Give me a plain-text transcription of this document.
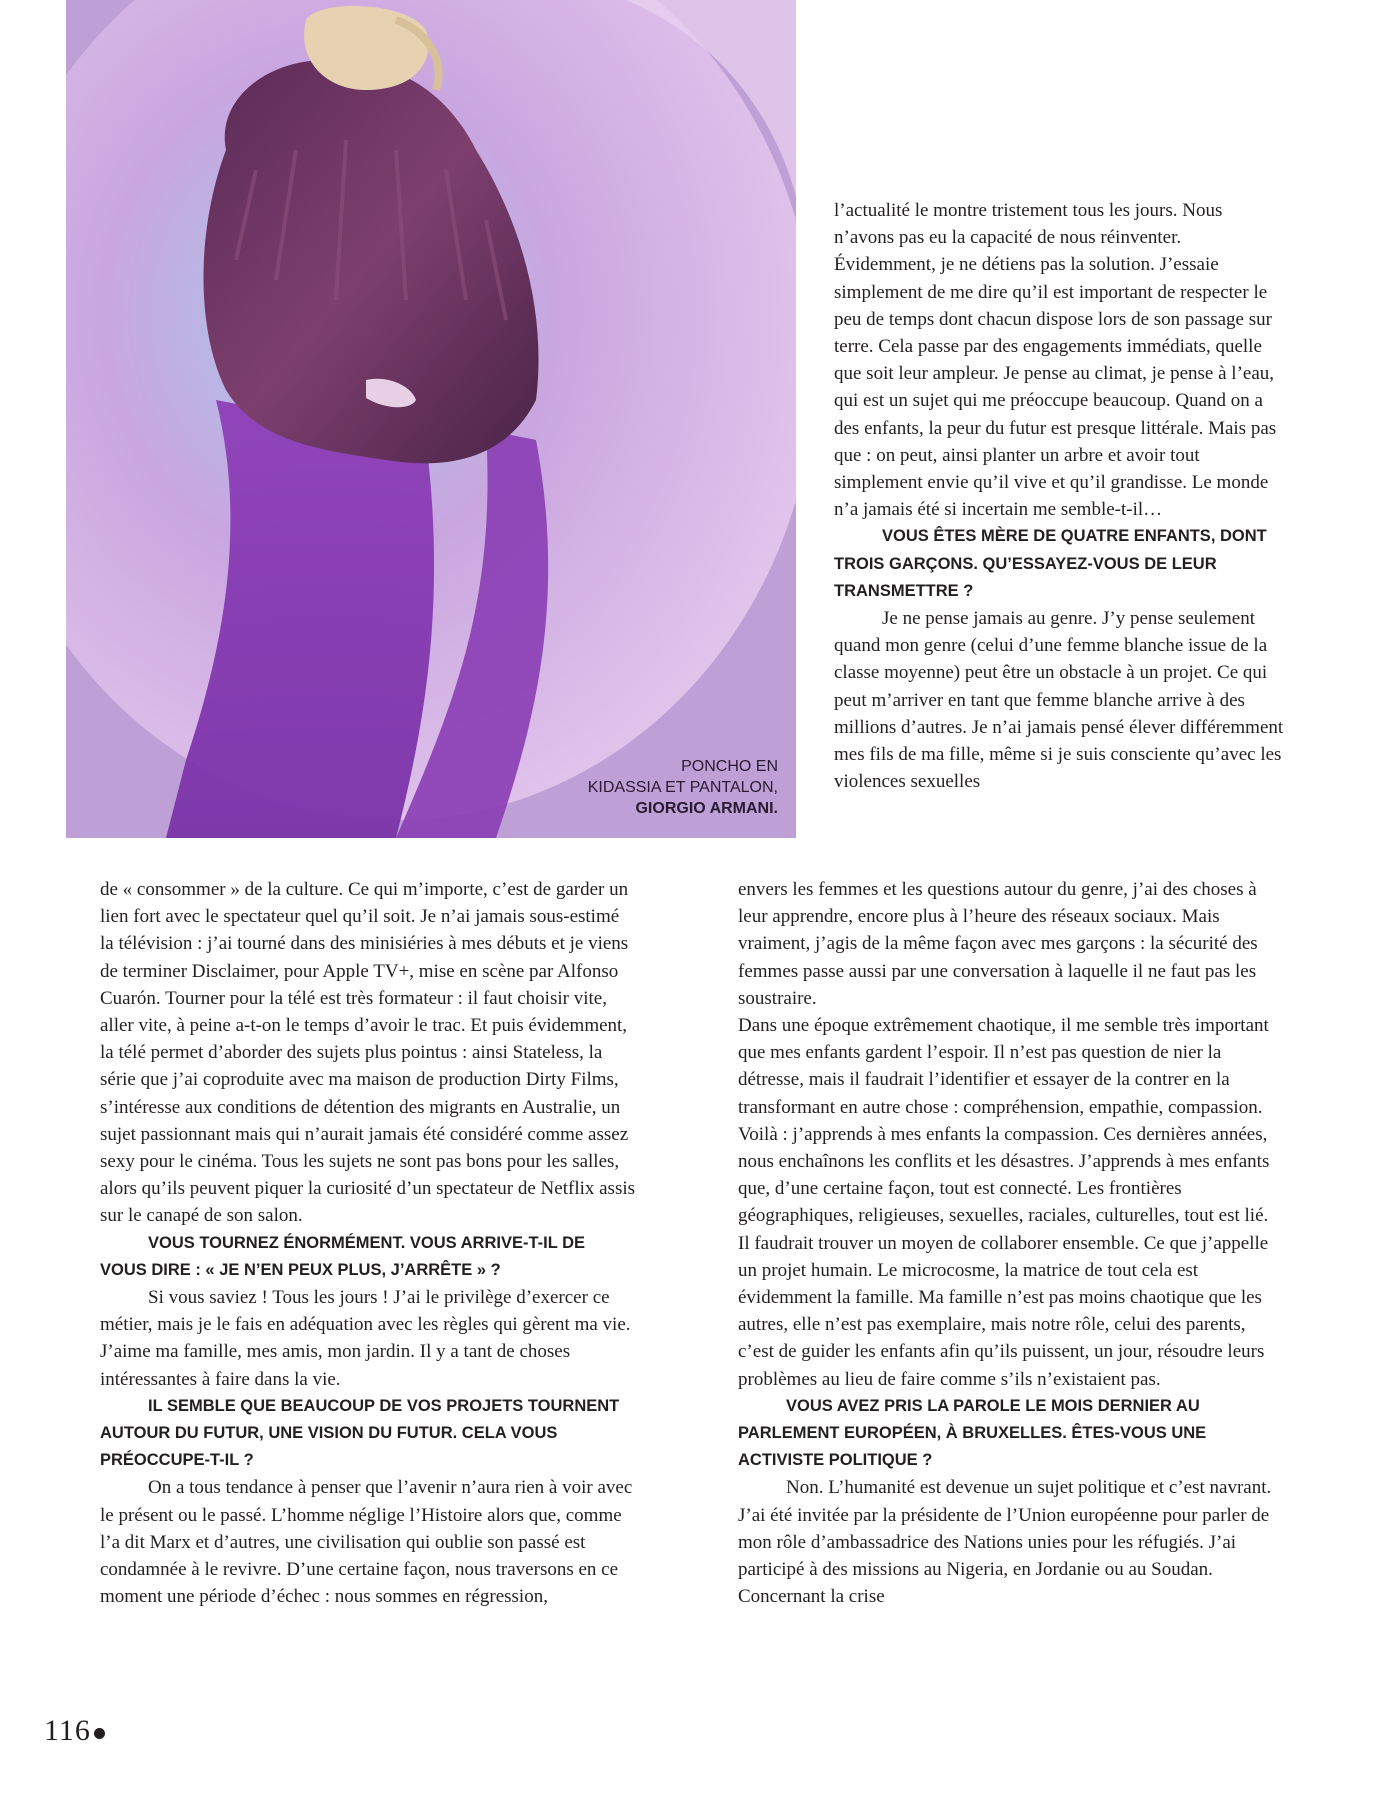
PONCHO EN
KIDASSIA ET PANTALON,
GIORGIO ARMANI.

l’actualité le montre tristement tous les jours. Nous n’avons pas eu la capacité de nous réinventer. Évidemment, je ne détiens pas la solution. J’essaie simplement de me dire qu’il est important de respecter le peu de temps dont chacun dispose lors de son passage sur terre. Cela passe par des engagements immédiats, quelle que soit leur ampleur. Je pense au climat, je pense à l’eau, qui est un sujet qui me préoccupe beaucoup. Quand on a des enfants, la peur du futur est presque littérale. Mais pas que : on peut, ainsi planter un arbre et avoir tout simplement envie qu’il vive et qu’il grandisse. Le monde n’a jamais été si incertain me semble-t-il…

VOUS ÊTES MÈRE DE QUATRE ENFANTS, DONT TROIS GARÇONS. QU’ESSAYEZ-VOUS DE LEUR TRANSMETTRE ?

Je ne pense jamais au genre. J’y pense seulement quand mon genre (celui d’une femme blanche issue de la classe moyenne) peut être un obstacle à un projet. Ce qui peut m’arriver en tant que femme blanche arrive à des millions d’autres. Je n’ai jamais pensé élever différemment mes fils de ma fille, même si je suis consciente qu’avec les violences sexuelles

de « consommer » de la culture. Ce qui m’importe, c’est de garder un lien fort avec le spectateur quel qu’il soit. Je n’ai jamais sous-estimé la télévision : j’ai tourné dans des minisiéries à mes débuts et je viens de terminer Disclaimer, pour Apple TV+, mise en scène par Alfonso Cuarón. Tourner pour la télé est très formateur : il faut choisir vite, aller vite, à peine a-t-on le temps d’avoir le trac. Et puis évidemment, la télé permet d’aborder des sujets plus pointus : ainsi Stateless, la série que j’ai coproduite avec ma maison de production Dirty Films, s’intéresse aux conditions de détention des migrants en Australie, un sujet passionnant mais qui n’aurait jamais été considéré comme assez sexy pour le cinéma. Tous les sujets ne sont pas bons pour les salles, alors qu’ils peuvent piquer la curiosité d’un spectateur de Netflix assis sur le canapé de son salon.

VOUS TOURNEZ ÉNORMÉMENT. VOUS ARRIVE-T-IL DE VOUS DIRE : « JE N’EN PEUX PLUS, J’ARRÊTE » ?

Si vous saviez ! Tous les jours ! J’ai le privilège d’exercer ce métier, mais je le fais en adéquation avec les règles qui gèrent ma vie. J’aime ma famille, mes amis, mon jardin. Il y a tant de choses intéressantes à faire dans la vie.

IL SEMBLE QUE BEAUCOUP DE VOS PROJETS TOURNENT AUTOUR DU FUTUR, UNE VISION DU FUTUR. CELA VOUS PRÉOCCUPE-T-IL ?

On a tous tendance à penser que l’avenir n’aura rien à voir avec le présent ou le passé. L’homme néglige l’Histoire alors que, comme l’a dit Marx et d’autres, une civilisation qui oublie son passé est condamnée à le revivre. D’une certaine façon, nous traversons en ce moment une période d’échec : nous sommes en régression,

envers les femmes et les questions autour du genre, j’ai des choses à leur apprendre, encore plus à l’heure des réseaux sociaux. Mais vraiment, j’agis de la même façon avec mes garçons : la sécurité des femmes passe aussi par une conversation à laquelle il ne faut pas les soustraire.

Dans une époque extrêmement chaotique, il me semble très important que mes enfants gardent l’espoir. Il n’est pas question de nier la détresse, mais il faudrait l’identifier et essayer de la contrer en la transformant en autre chose : compréhension, empathie, compassion. Voilà : j’apprends à mes enfants la compassion. Ces dernières années, nous enchaînons les conflits et les désastres. J’apprends à mes enfants que, d’une certaine façon, tout est connecté. Les frontières géographiques, religieuses, sexuelles, raciales, culturelles, tout est lié.

Il faudrait trouver un moyen de collaborer ensemble. Ce que j’appelle un projet humain. Le microcosme, la matrice de tout cela est évidemment la famille. Ma famille n’est pas moins chaotique que les autres, elle n’est pas exemplaire, mais notre rôle, celui des parents, c’est de guider les enfants afin qu’ils puissent, un jour, résoudre leurs problèmes au lieu de faire comme s’ils n’existaient pas.

VOUS AVEZ PRIS LA PAROLE LE MOIS DERNIER AU PARLEMENT EUROPÉEN, À BRUXELLES. ÊTES-VOUS UNE ACTIVISTE POLITIQUE ?

Non. L’humanité est devenue un sujet politique et c’est navrant. J’ai été invitée par la présidente de l’Union européenne pour parler de mon rôle d’ambassadrice des Nations unies pour les réfugiés. J’ai participé à des missions au Nigeria, en Jordanie ou au Soudan. Concernant la crise

116
